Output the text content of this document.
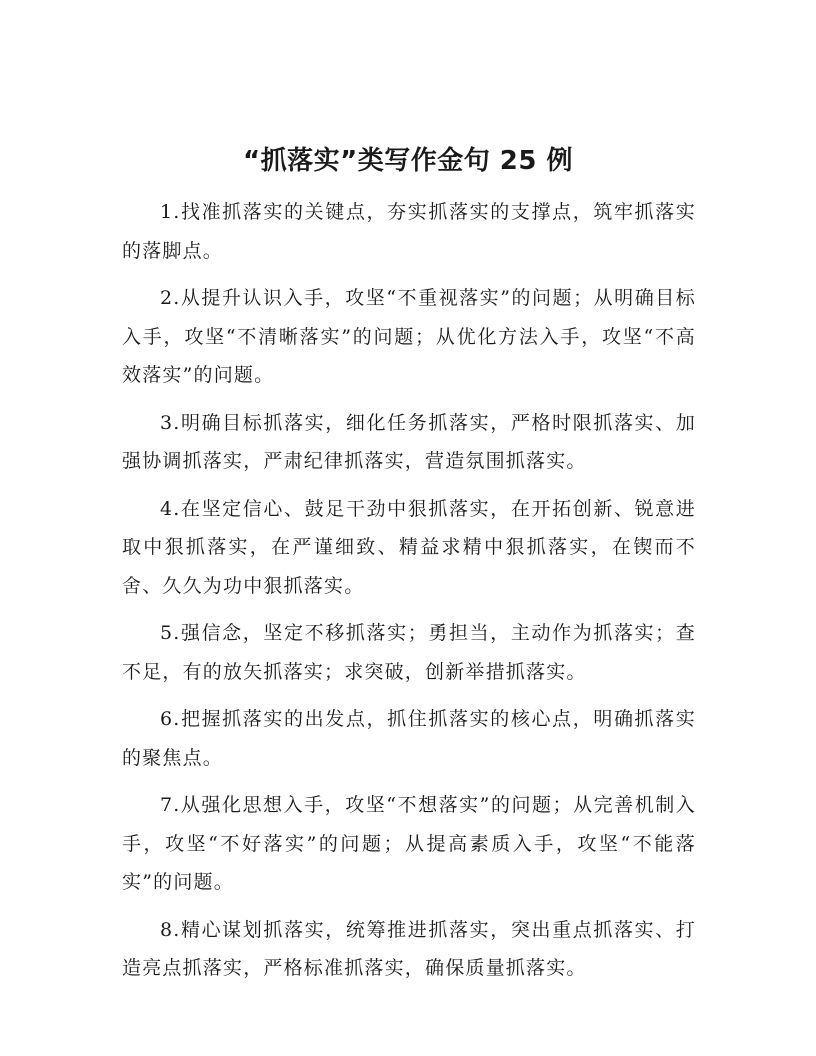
“抓落实”类写作金句 25 例

1.找准抓落实的关键点，夯实抓落实的支撑点，筑牢抓落实的落脚点。

2.从提升认识入手，攻坚“不重视落实”的问题；从明确目标入手，攻坚“不清晰落实”的问题；从优化方法入手，攻坚“不高效落实”的问题。

3.明确目标抓落实，细化任务抓落实，严格时限抓落实、加强协调抓落实，严肃纪律抓落实，营造氛围抓落实。

4.在坚定信心、鼓足干劲中狠抓落实，在开拓创新、锐意进取中狠抓落实，在严谨细致、精益求精中狠抓落实，在锲而不舍、久久为功中狠抓落实。

5.强信念，坚定不移抓落实；勇担当，主动作为抓落实；查不足，有的放矢抓落实；求突破，创新举措抓落实。

6.把握抓落实的出发点，抓住抓落实的核心点，明确抓落实的聚焦点。

7.从强化思想入手，攻坚“不想落实”的问题；从完善机制入手，攻坚“不好落实”的问题；从提高素质入手，攻坚“不能落实”的问题。

8.精心谋划抓落实，统筹推进抓落实，突出重点抓落实、打造亮点抓落实，严格标准抓落实，确保质量抓落实。
